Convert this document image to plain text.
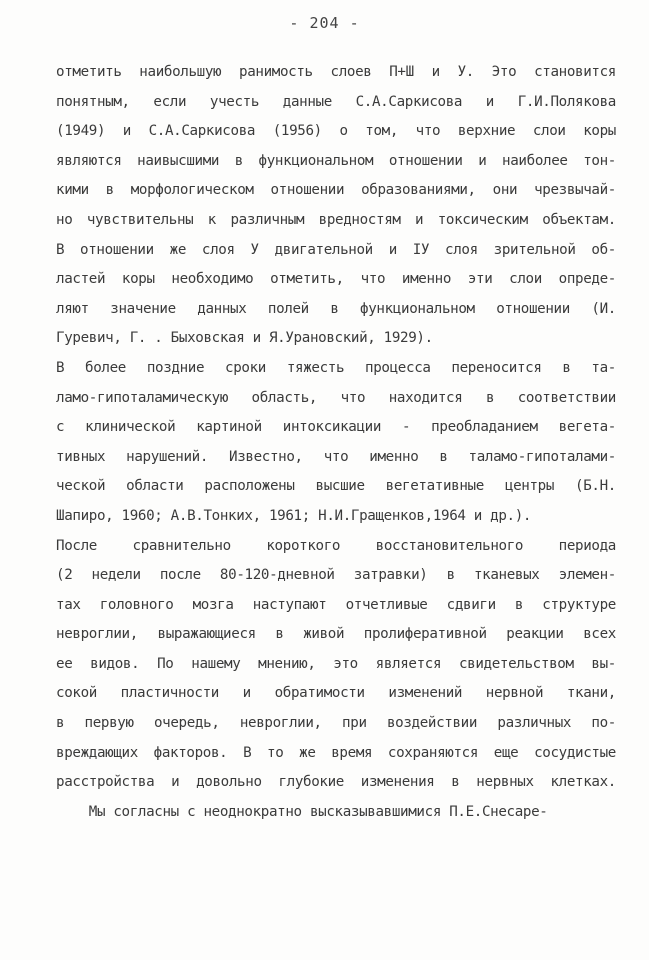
- 204 -
отметить наибольшую ранимость слоев П+Ш и У. Это становится
понятным, если учесть данные С.А.Саркисова и Г.И.Полякова
(1949) и С.А.Саркисова (1956) о том, что верхние слои коры
являются наивысшими в функциональном отношении и наиболее тон-
кими в морфологическом отношении образованиями, они чрезвычай-
но чувствительны к различным вредностям и токсическим объектам.
В отношении же слоя У двигательной и IУ слоя зрительной об-
ластей коры необходимо отметить, что именно эти слои опреде-
ляют значение данных полей в функциональном отношении (И.
Гуревич, Г. . Быховская и Я.Урановский, 1929).
В более поздние сроки тяжесть процесса переносится в та-
ламо-гипоталамическую область, что находится в соответствии
с клинической картиной интоксикации - преобладанием вегета-
тивных нарушений. Известно, что именно в таламо-гипоталами-
ческой области расположены высшие вегетативные центры (Б.Н.
Шапиро, 1960; А.В.Тонких, 1961; Н.И.Гращенков,1964 и др.).
После сравнительно короткого восстановительного периода
(2 недели после 80-120-дневной затравки) в тканевых элемен-
тах головного мозга наступают отчетливые сдвиги в структуре
невроглии, выражающиеся в живой пролиферативной реакции всех
ее видов. По нашему мнению, это является свидетельством вы-
сокой пластичности и обратимости изменений нервной ткани,
в первую очередь, невроглии, при воздействии различных по-
вреждающих факторов. В то же время сохраняются еще сосудистые
расстройства и довольно глубокие изменения в нервных клетках.
Мы согласны с неоднократно высказывавшимися П.Е.Снесаре-
